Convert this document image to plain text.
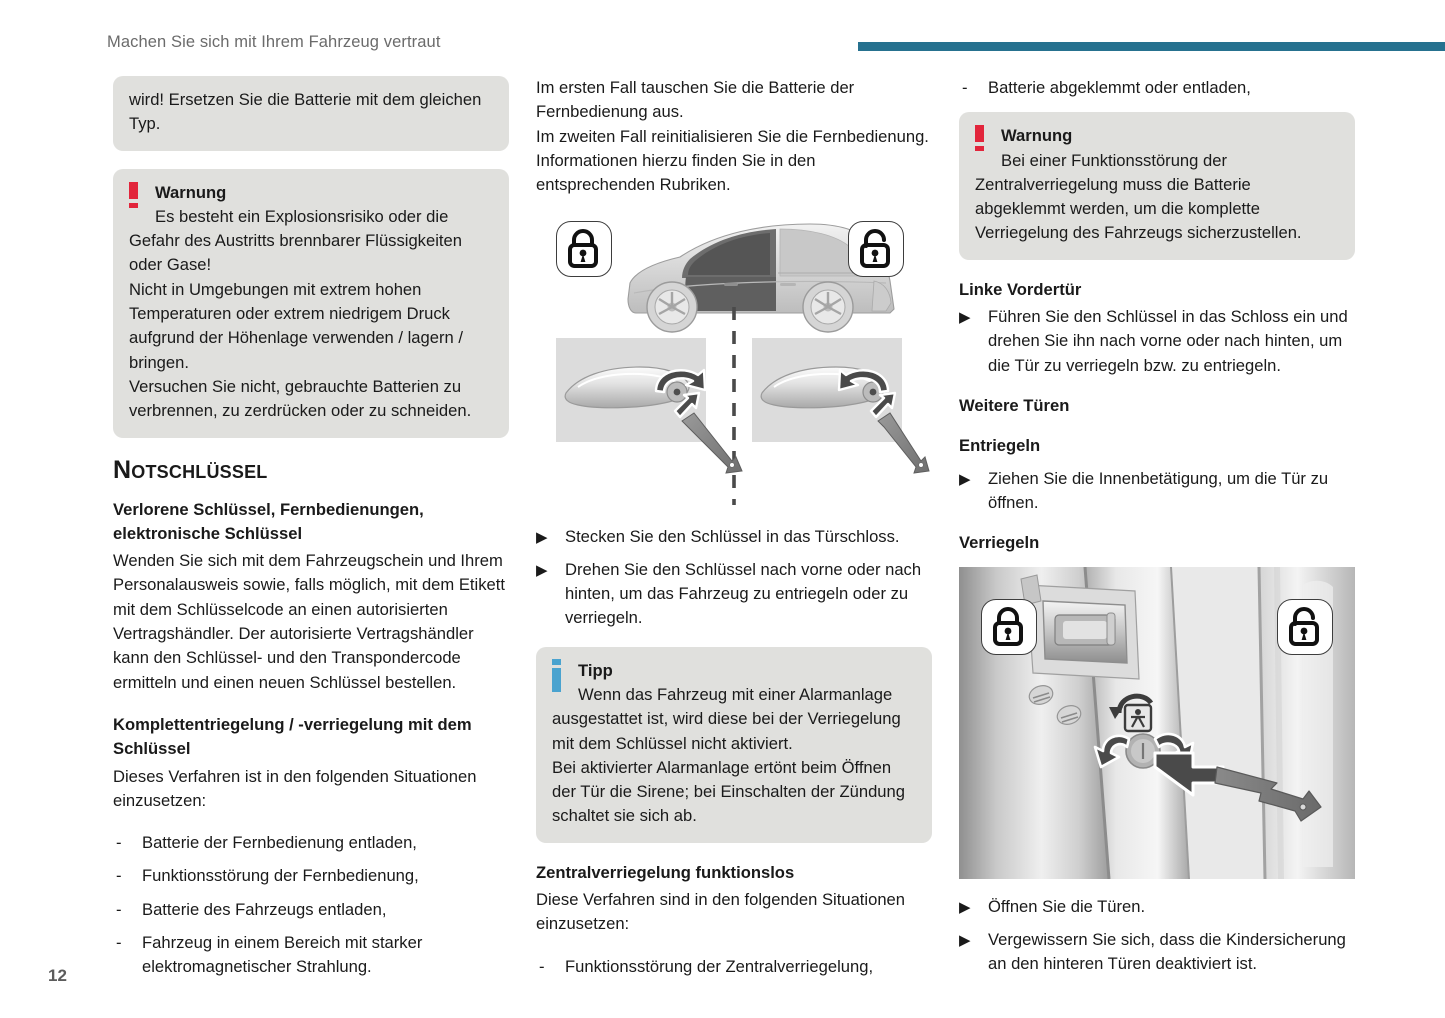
Machen Sie sich mit Ihrem Fahrzeug vertraut
12

wird! Ersetzen Sie die Batterie mit dem gleichen Typ.

Warnung

Es besteht ein Explosionsrisiko oder die Gefahr des Austritts brennbarer Flüssigkeiten oder Gase!

Nicht in Umgebungen mit extrem hohen Temperaturen oder extrem niedrigem Druck aufgrund der Höhenlage verwenden / lagern / bringen.

Versuchen Sie nicht, gebrauchte Batterien zu verbrennen, zu zerdrücken oder zu schneiden.

Notschlüssel
Verlorene Schlüssel, Fernbedienungen, elektronische Schlüssel

Wenden Sie sich mit dem Fahrzeugschein und Ihrem Personalausweis sowie, falls möglich, mit dem Etikett mit dem Schlüsselcode an einen autorisierten Vertragshändler. Der autorisierte Vertragshändler kann den Schlüssel- und den Transpondercode ermitteln und einen neuen Schlüssel bestellen.

Komplettentriegelung / -verriegelung mit dem Schlüssel

Dieses Verfahren ist in den folgenden Situationen einzusetzen:

- Batterie der Fernbedienung entladen,
- Funktionsstörung der Fernbedienung,
- Batterie des Fahrzeugs entladen,
- Fahrzeug in einem Bereich mit starker elektromagnetischer Strahlung.

Im ersten Fall tauschen Sie die Batterie der Fernbedienung aus.

Im zweiten Fall reinitialisieren Sie die Fernbedienung.

Informationen hierzu finden Sie in den entsprechenden Rubriken.

▶ Stecken Sie den Schlüssel in das Türschloss.
▶ Drehen Sie den Schlüssel nach vorne oder nach hinten, um das Fahrzeug zu entriegeln oder zu verriegeln.

Tipp

Wenn das Fahrzeug mit einer Alarmanlage ausgestattet ist, wird diese bei der Verriegelung mit dem Schlüssel nicht aktiviert.

Bei aktivierter Alarmanlage ertönt beim Öffnen der Tür die Sirene; bei Einschalten der Zündung schaltet sie sich ab.

Zentralverriegelung funktionslos

Diese Verfahren sind in den folgenden Situationen einzusetzen:

- Funktionsstörung der Zentralverriegelung,
- Batterie abgeklemmt oder entladen,

Warnung

Bei einer Funktionsstörung der Zentralverriegelung muss die Batterie abgeklemmt werden, um die komplette Verriegelung des Fahrzeugs sicherzustellen.

Linke Vordertür
▶ Führen Sie den Schlüssel in das Schloss ein und drehen Sie ihn nach vorne oder nach hinten, um die Tür zu verriegeln bzw. zu entriegeln.
Weitere Türen
Entriegeln
▶ Ziehen Sie die Innenbetätigung, um die Tür zu öffnen.
Verriegeln
▶ Öffnen Sie die Türen.
▶ Vergewissern Sie sich, dass die Kindersicherung an den hinteren Türen deaktiviert ist.
